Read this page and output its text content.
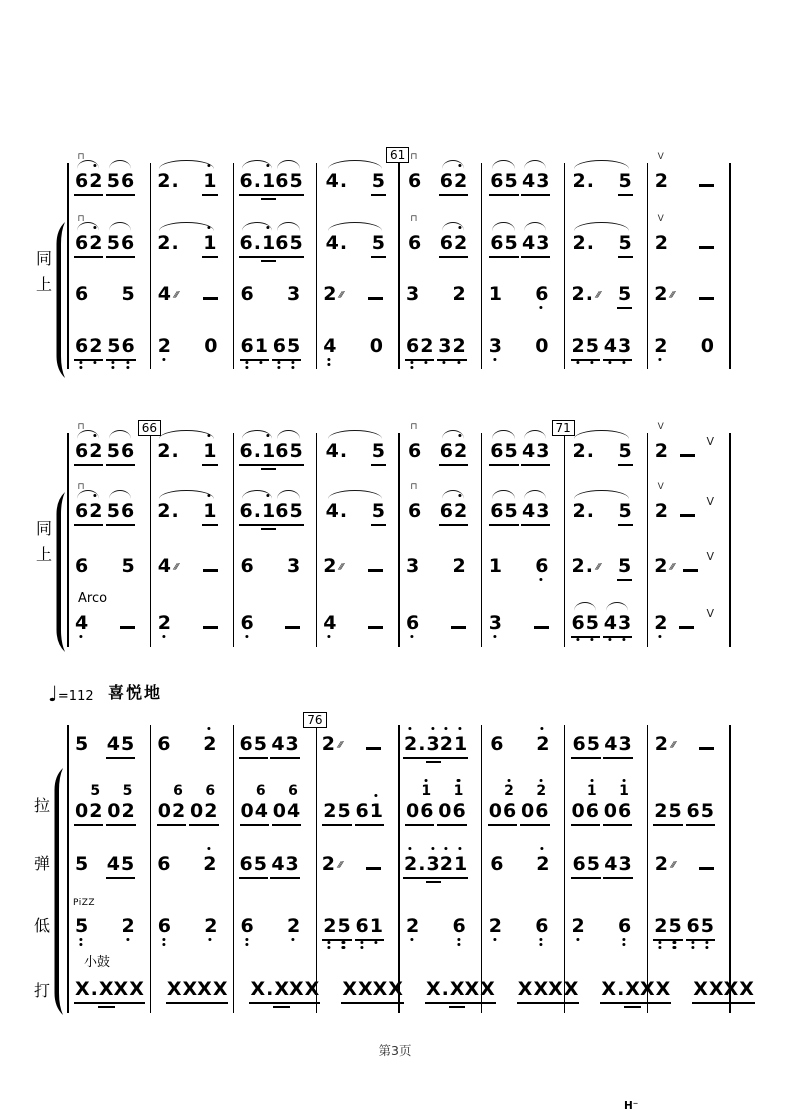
♩=112 喜悦地
同
上
61
6
⊓
2 5 6 2 . 1 6 . 1 6 5 4 . 5 6
⊓
6 2 6 5 4 3 2 . 5 2
V
6
⊓
2 5 6 2 . 1 6 . 1 6 5 4 . 5 6
⊓
6 2 6 5 4 3 2 . 5 2
V
6 5 4 ///	6 3 2 ///	3 2 1 6 2 . /// 5 2 ///
6 2 5 6 2 0 6 1 6 5 4 0 6 2 3 2 3 0 2 5 4 3 2 0
同
上
66	71
6
⊓
2 5 6 2 . 1 6 . 1 6 5 4 . 5 6
⊓
6 2 6 5 4 3 2 . 5 2
V
V
6
⊓
2 5 6 2 . 1 6 . 1 6 5 4 . 5 6
⊓
6 2 6 5 4 3 2 . 5 2
V
V
6 5 4 ///	6 3 2 ///	3 2 1 6 2 . /// 5 2 ///
V
Arco
4	2	6	4	6	3	6 5 4 3 2	V
拉
弹
低
打
76
5 4 5 6 2 6 5 4 3 2 ///	2 . 3 2 1 6 2 6 5 4 3 2 ///
0 2
5
0 2
5
0 2
6
0 2
6
0 4
6
0 4
6
2 5 6 1 0 6
1
0 6
1
0 6
2
0 6
2
0 6
1
0 6
1
2 5 6 5
5 4 5 6 2 6 5 4 3 2 ///	2 . 3 2 1 6 2 6 5 4 3 2 ///
PiZZ
5 2 6 2 6 2 2 5 6 1 2 6 2 6 2 6 2 5 6 5
小鼓
X . X X X X X X X X . X X X X X X X X . X X X X X X X X . X X X X X X X
第3页
H⁻
